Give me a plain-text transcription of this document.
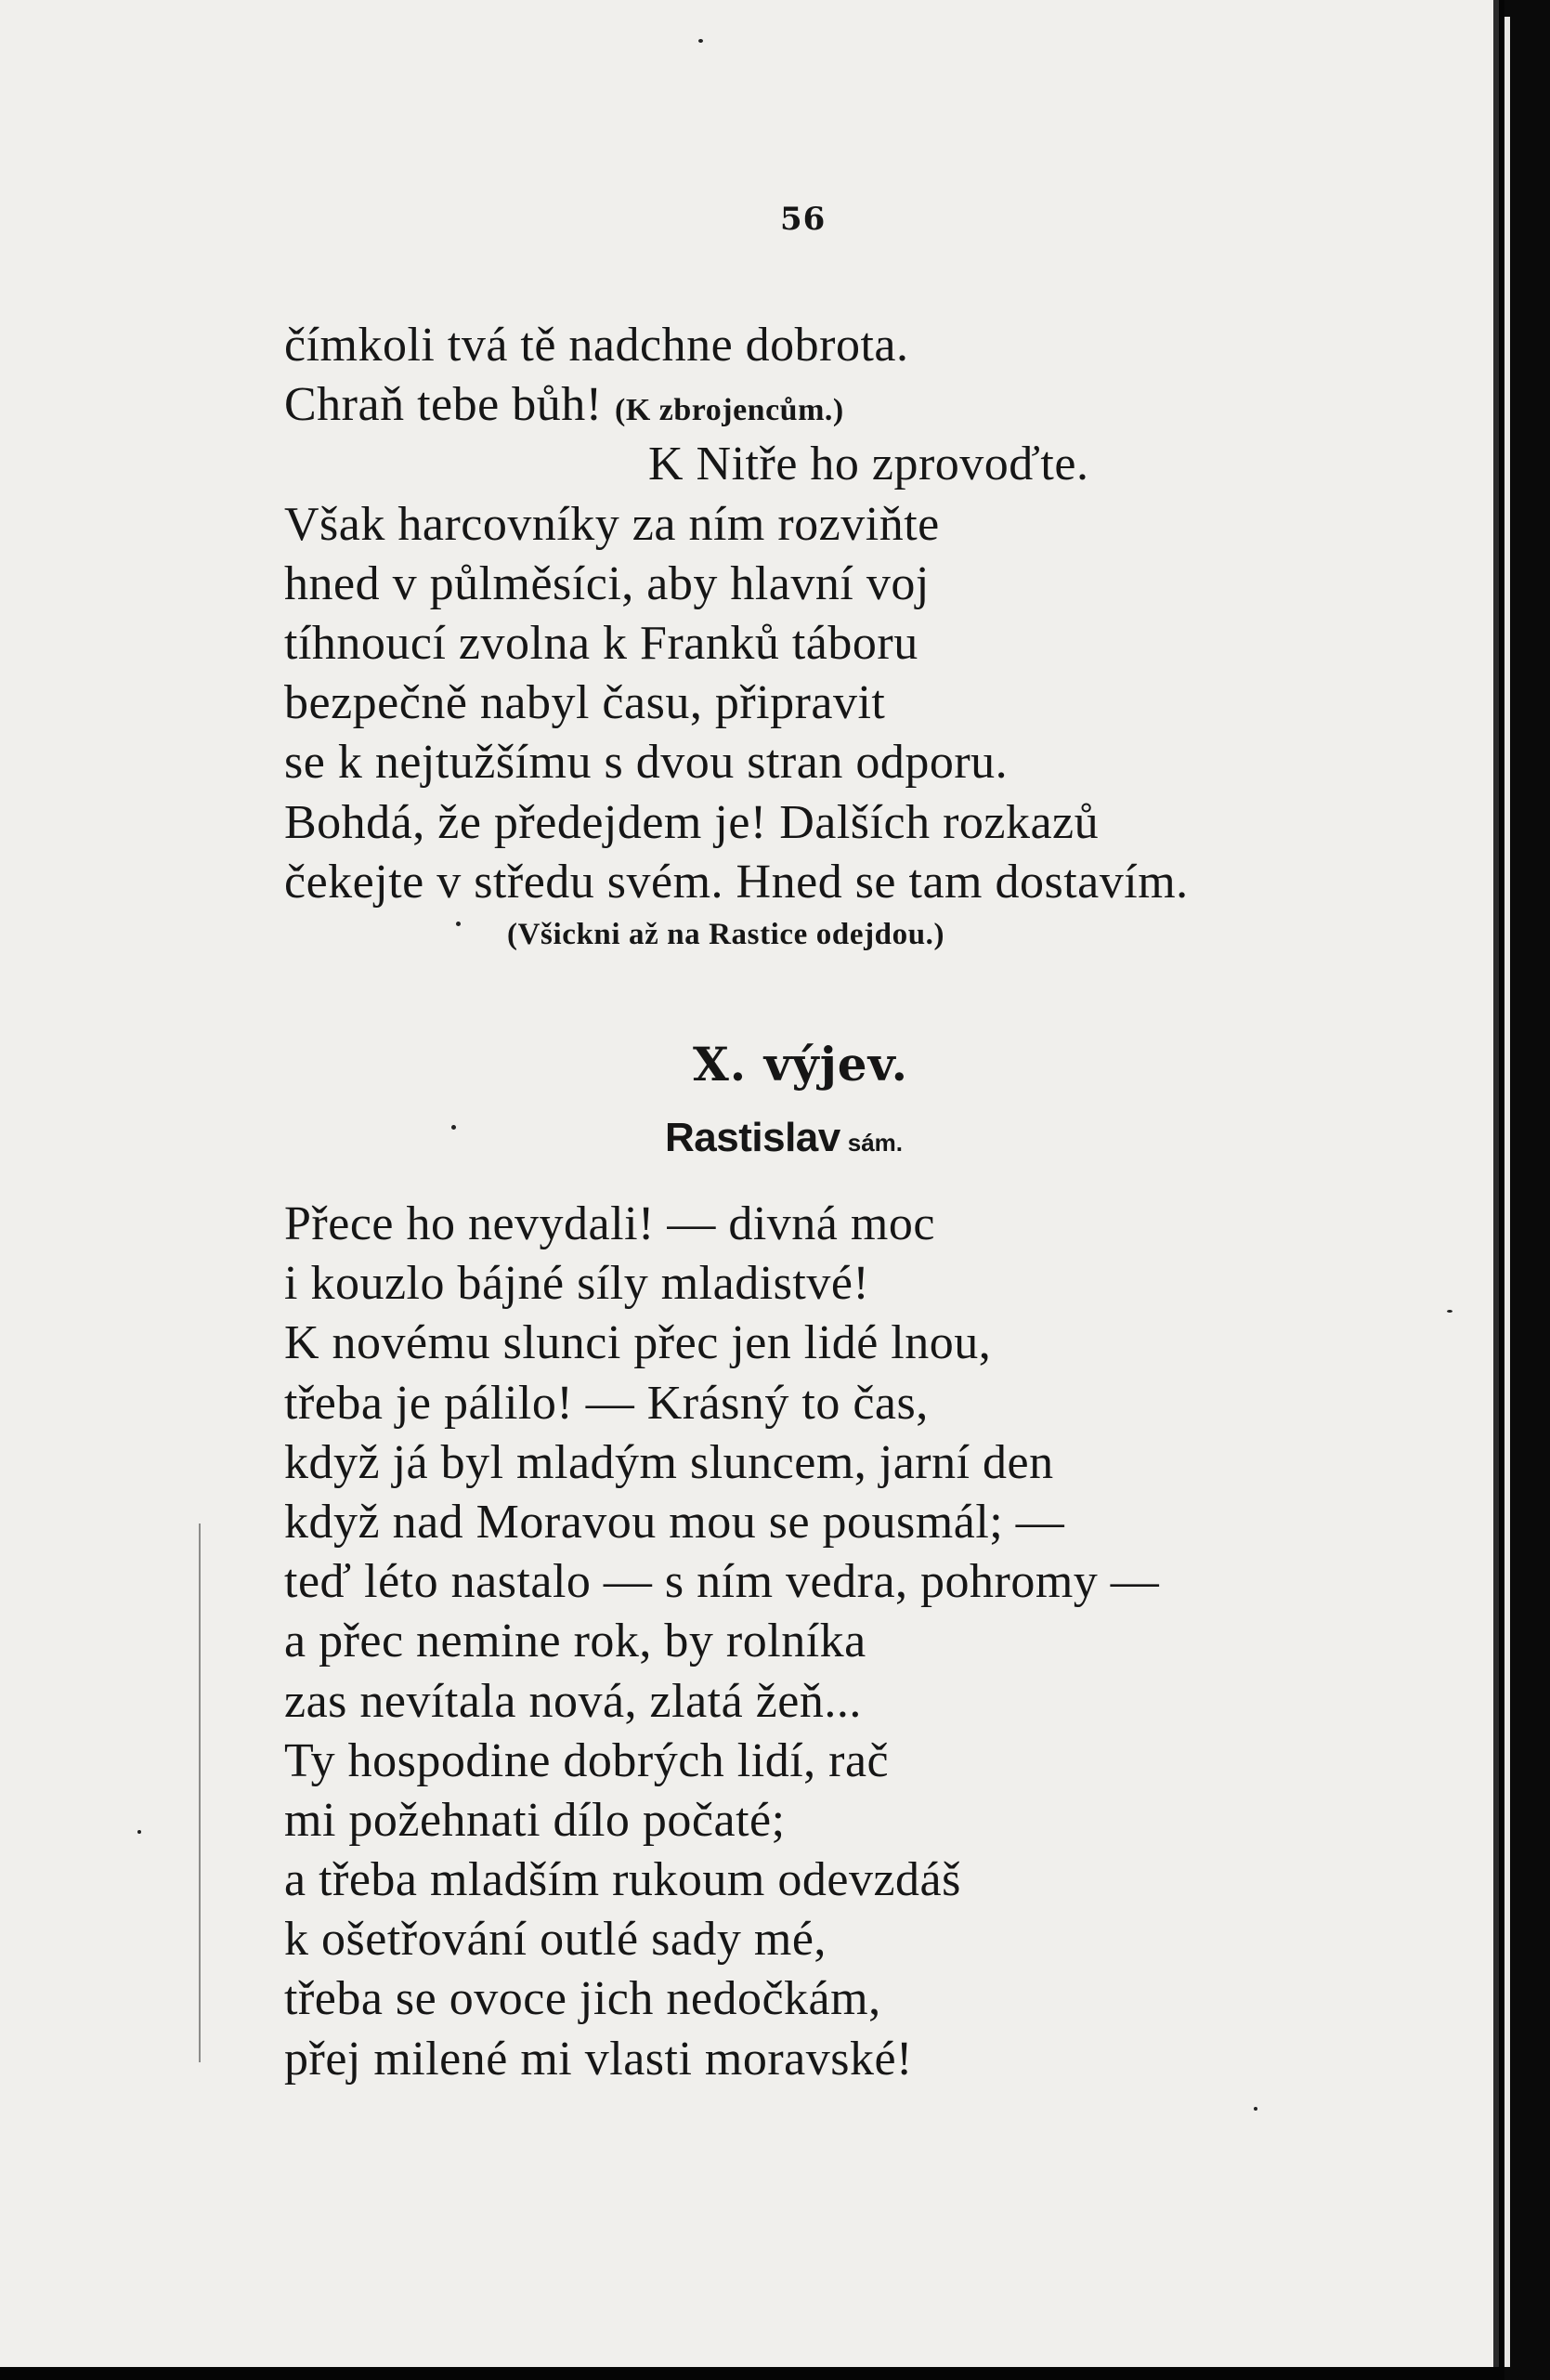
56
čímkoli tvá tě nadchne dobrota.
Chraň tebe bůh! (K zbrojencům.)
K Nitře ho zprovoďte.
Však harcovníky za ním rozviňte
hned v půlměsíci, aby hlavní voj
tíhnoucí zvolna k Franků táboru
bezpečně nabyl času, připravit
se k nejtužšímu s dvou stran odporu.
Bohdá, že předejdem je! Dalších rozkazů
čekejte v středu svém. Hned se tam dostavím.
(Všickni až na Rastice odejdou.)
X. výjev.
Rastislav sám.
Přece ho nevydali! — divná moc
i kouzlo bájné síly mladistvé!
K novému slunci přec jen lidé lnou,
třeba je pálilo! — Krásný to čas,
když já byl mladým sluncem, jarní den
když nad Moravou mou se pousmál; —
teď léto nastalo — s ním vedra, pohromy —
a přec nemine rok, by rolníka
zas nevítala nová, zlatá žeň...
Ty hospodine dobrých lidí, rač
mi požehnati dílo počaté;
a třeba mladším rukoum odevzdáš
k ošetřování outlé sady mé,
třeba se ovoce jich nedočkám,
přej milené mi vlasti moravské!
